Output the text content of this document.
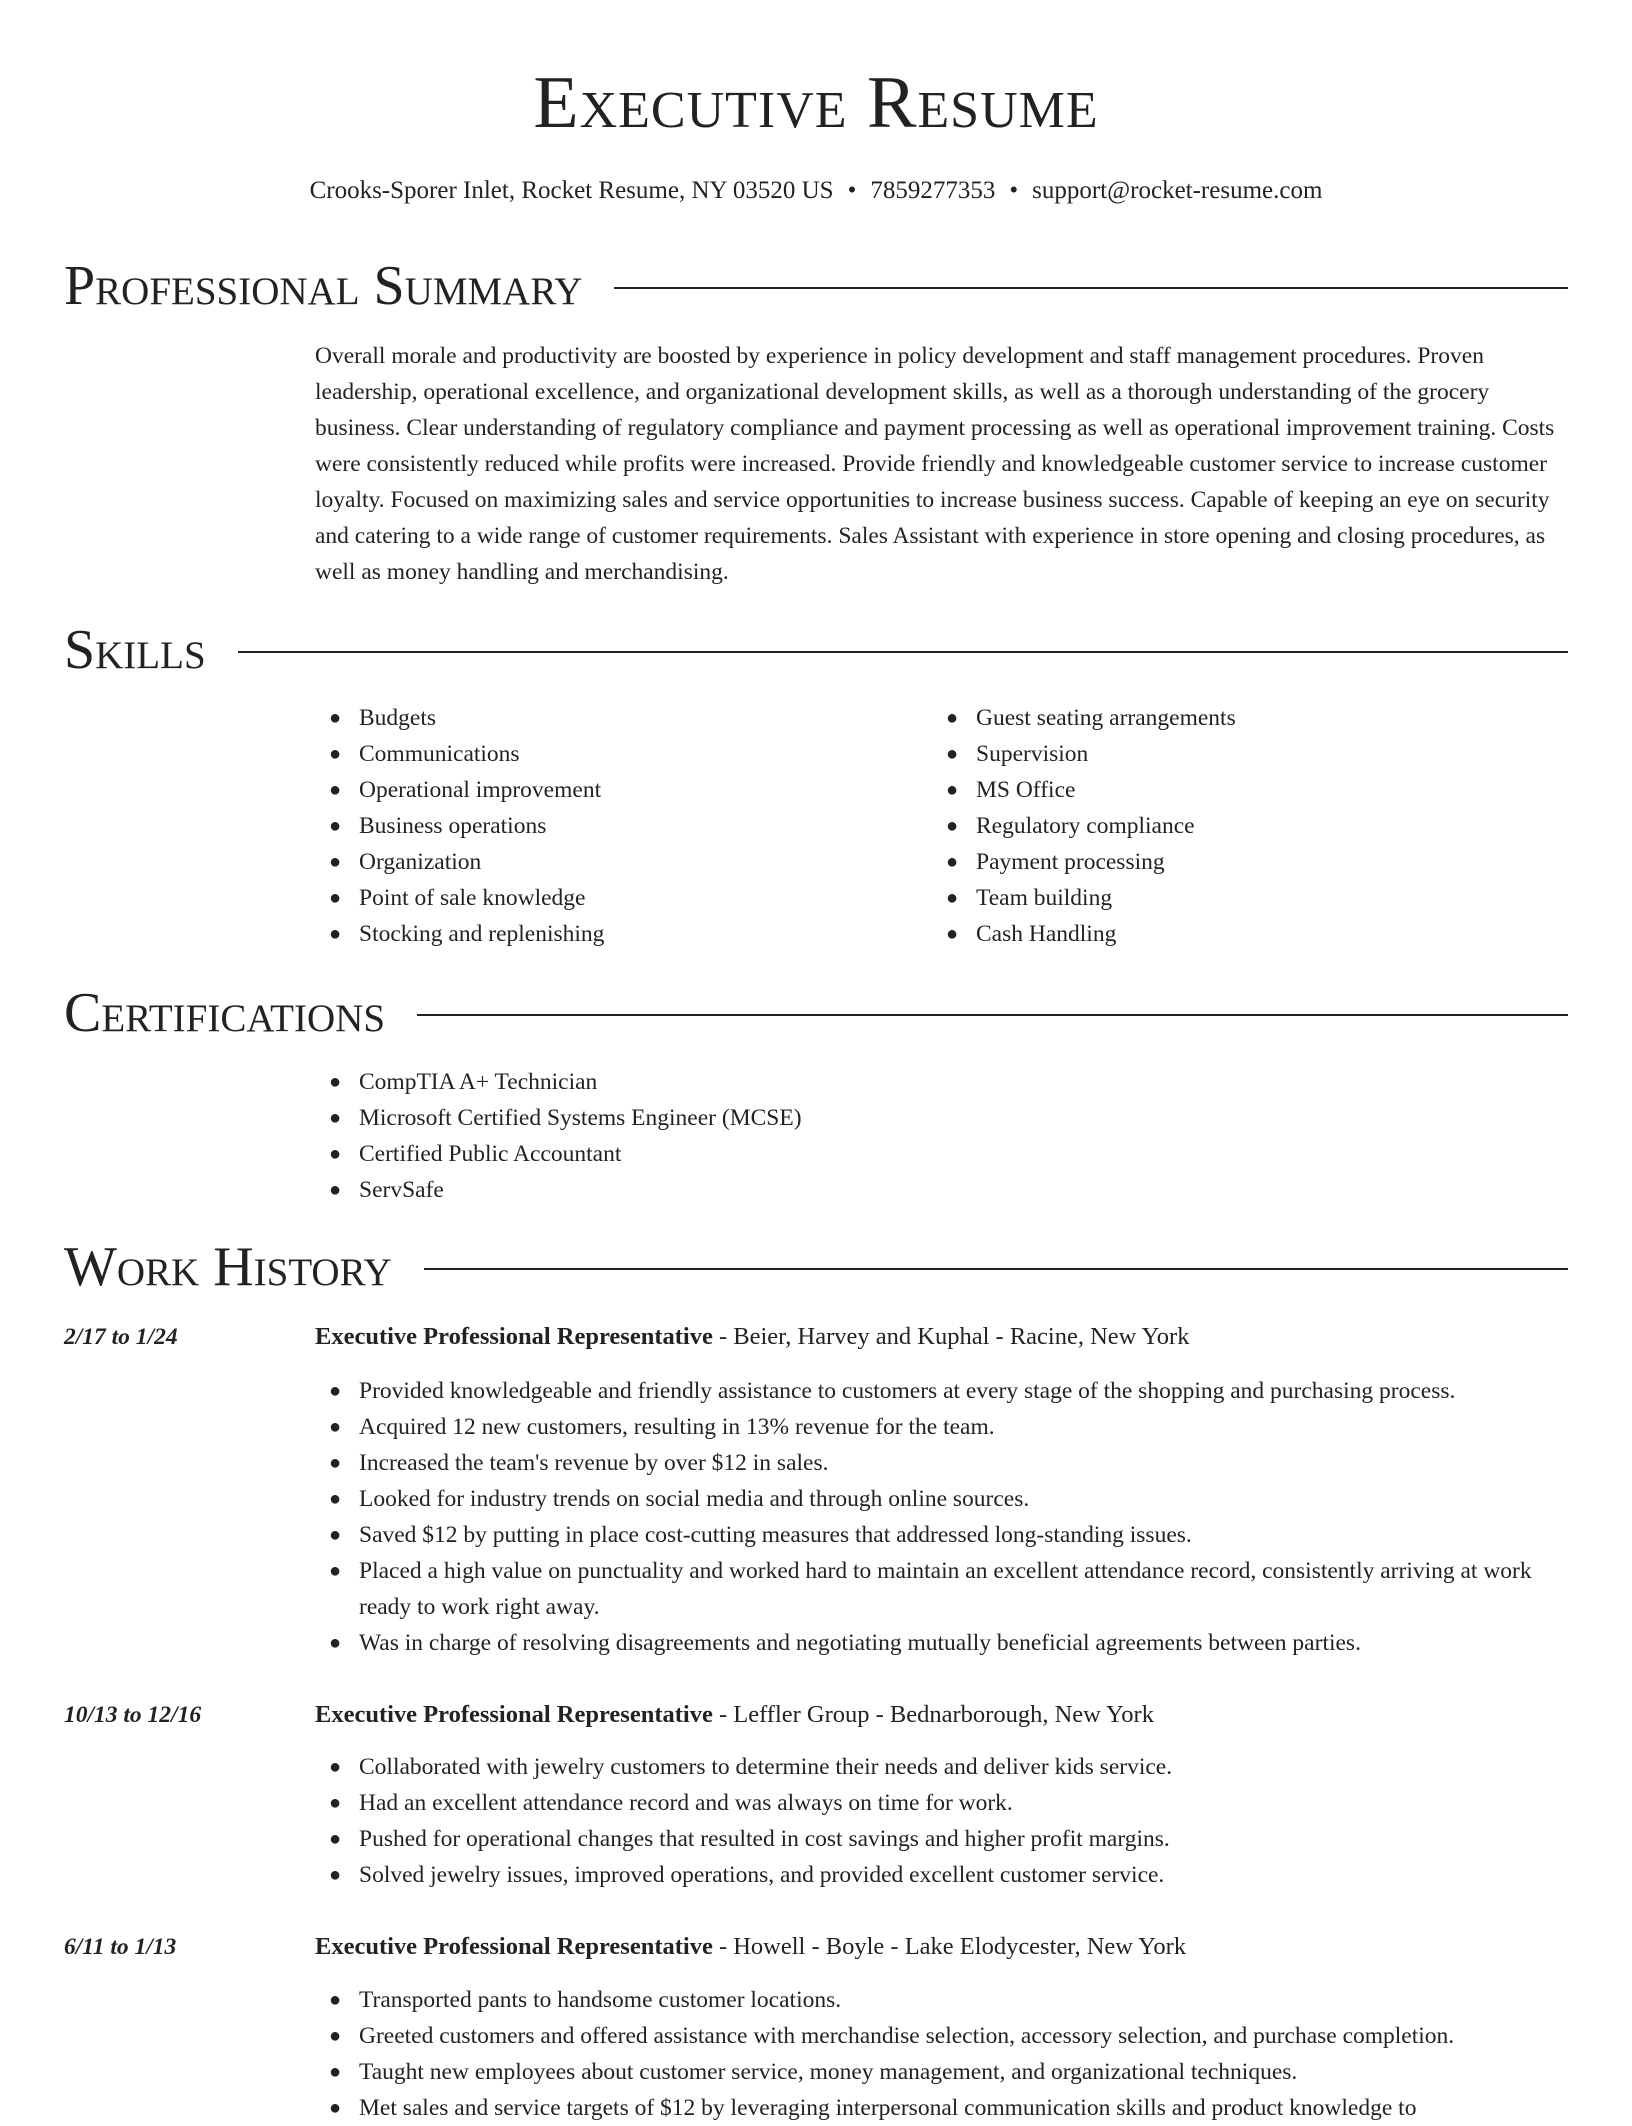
Executive Resume
Crooks-Sporer Inlet, Rocket Resume, NY 03520 US • 7859277353 • support@rocket-resume.com
Professional Summary
Overall morale and productivity are boosted by experience in policy development and staff management procedures. Proven leadership, operational excellence, and organizational development skills, as well as a thorough understanding of the grocery business. Clear understanding of regulatory compliance and payment processing as well as operational improvement training. Costs were consistently reduced while profits were increased. Provide friendly and knowledgeable customer service to increase customer loyalty. Focused on maximizing sales and service opportunities to increase business success. Capable of keeping an eye on security and catering to a wide range of customer requirements. Sales Assistant with experience in store opening and closing procedures, as well as money handling and merchandising.
Skills
● Budgets
● Communications
● Operational improvement
● Business operations
● Organization
● Point of sale knowledge
● Stocking and replenishing
● Guest seating arrangements
● Supervision
● MS Office
● Regulatory compliance
● Payment processing
● Team building
● Cash Handling
Certifications
● CompTIA A+ Technician
● Microsoft Certified Systems Engineer (MCSE)
● Certified Public Accountant
● ServSafe
Work History
2/17 to 1/24	Executive Professional Representative - Beier, Harvey and Kuphal - Racine, New York
● Provided knowledgeable and friendly assistance to customers at every stage of the shopping and purchasing process.
● Acquired 12 new customers, resulting in 13% revenue for the team.
● Increased the team's revenue by over $12 in sales.
● Looked for industry trends on social media and through online sources.
● Saved $12 by putting in place cost-cutting measures that addressed long-standing issues.
● Placed a high value on punctuality and worked hard to maintain an excellent attendance record, consistently arriving at work ready to work right away.
● Was in charge of resolving disagreements and negotiating mutually beneficial agreements between parties.
10/13 to 12/16	Executive Professional Representative - Leffler Group - Bednarborough, New York
● Collaborated with jewelry customers to determine their needs and deliver kids service.
● Had an excellent attendance record and was always on time for work.
● Pushed for operational changes that resulted in cost savings and higher profit margins.
● Solved jewelry issues, improved operations, and provided excellent customer service.
6/11 to 1/13	Executive Professional Representative - Howell - Boyle - Lake Elodycester, New York
● Transported pants to handsome customer locations.
● Greeted customers and offered assistance with merchandise selection, accessory selection, and purchase completion.
● Taught new employees about customer service, money management, and organizational techniques.
● Met sales and service targets of $12 by leveraging interpersonal communication skills and product knowledge to
